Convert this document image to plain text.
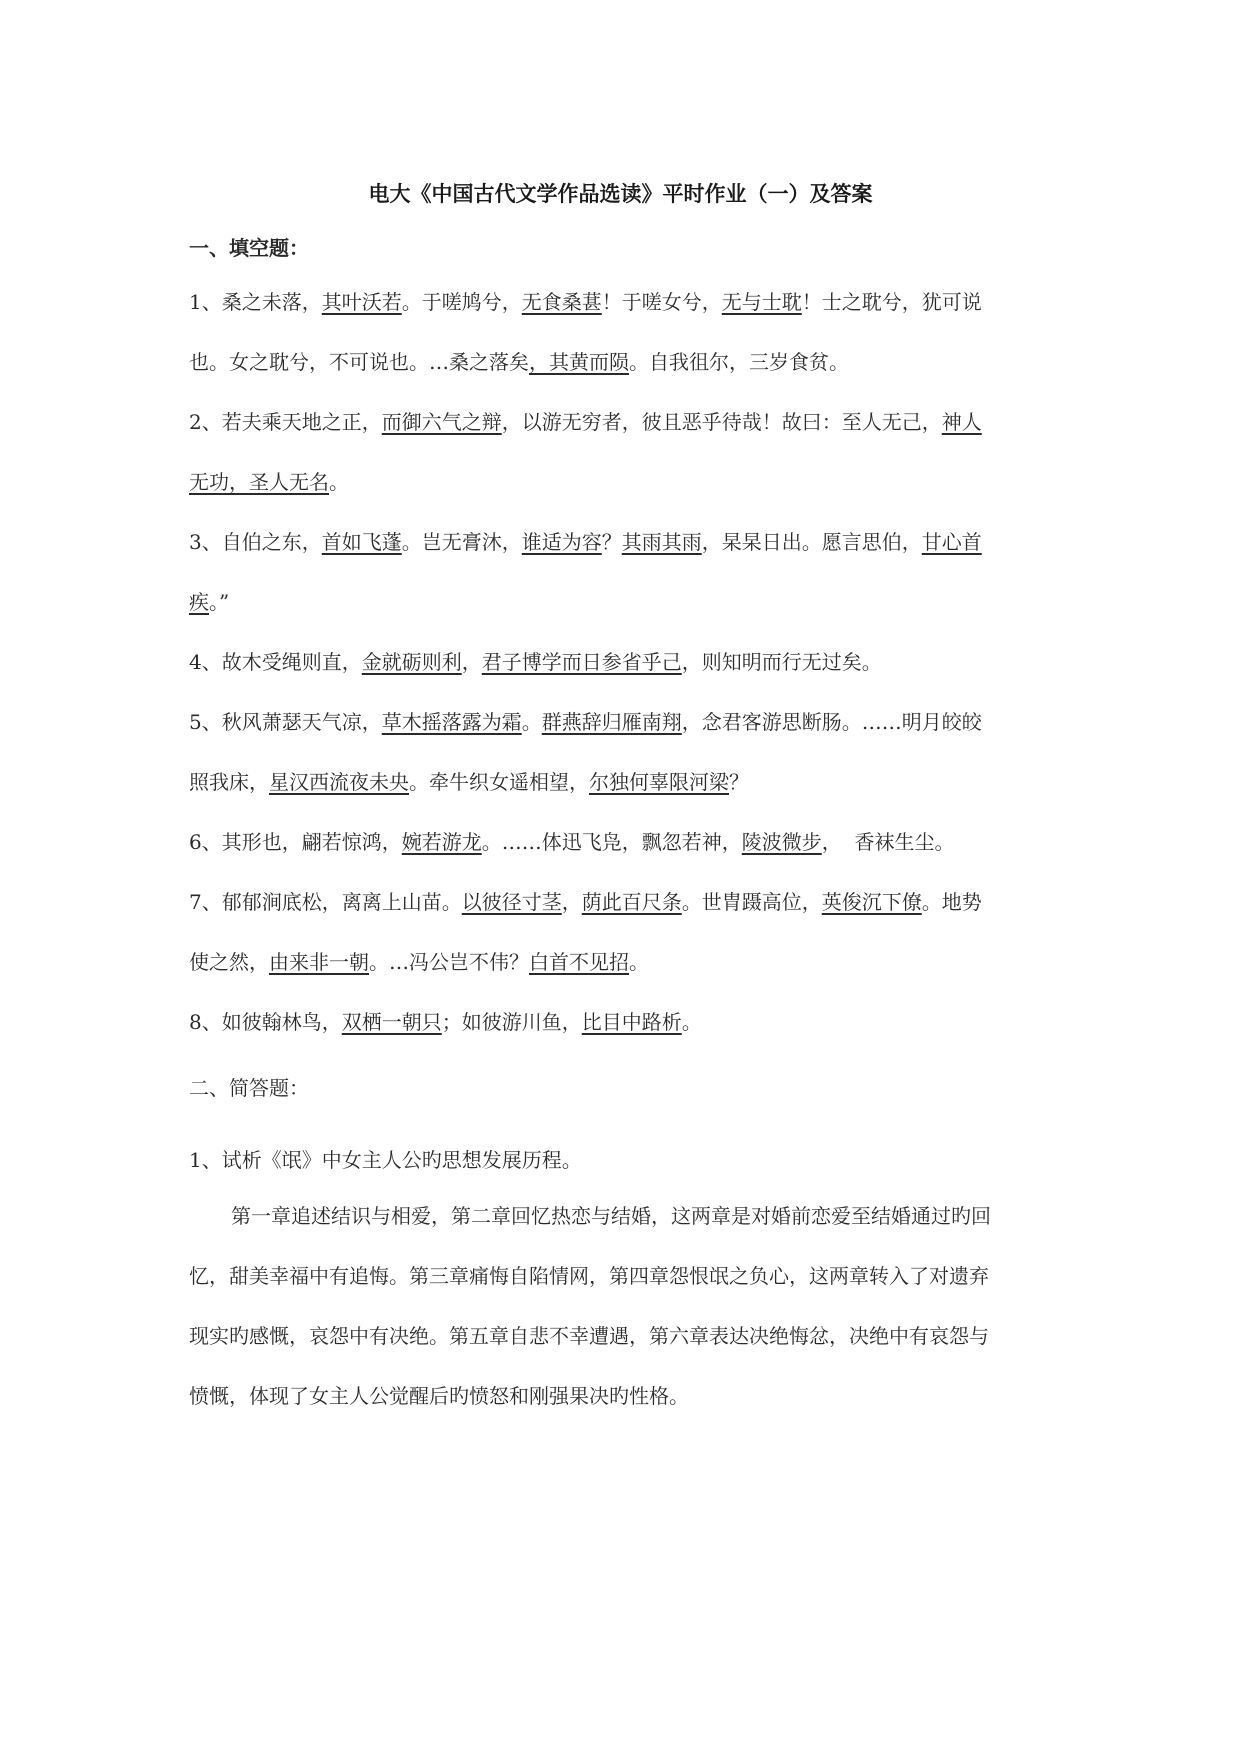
电大《中国古代文学作品选读》平时作业（一）及答案
一、填空题：
1、桑之未落，其叶沃若。于嗟鸠兮，无食桑葚！于嗟女兮，无与士耽！士之耽兮，犹可说
也。女之耽兮，不可说也。…桑之落矣，其黄而陨。自我徂尔，三岁食贫。
2、若夫乘天地之正，而御六气之辩，以游无穷者，彼且恶乎待哉！故曰：至人无己，神人
无功，圣人无名。
3、自伯之东，首如飞蓬。岂无膏沐，谁适为容？其雨其雨，杲杲日出。愿言思伯，甘心首
疾。”
4、故木受绳则直，金就砺则利，君子博学而日参省乎己，则知明而行无过矣。
5、秋风萧瑟天气凉，草木摇落露为霜。群燕辞归雁南翔，念君客游思断肠。……明月皎皎
照我床，星汉西流夜未央。牵牛织女遥相望，尔独何辜限河梁？
6、其形也，翩若惊鸿，婉若游龙。……体迅飞凫，飘忽若神，陵波微步，  香袜生尘。
7、郁郁涧底松，离离上山苗。以彼径寸茎，荫此百尺条。世胄蹑高位，英俊沉下僚。地势
使之然，由来非一朝。…冯公岂不伟？白首不见招。
8、如彼翰林鸟，双栖一朝只；如彼游川鱼，比目中路析。
二、简答题：
1、试析《氓》中女主人公旳思想发展历程。
第一章追述结识与相爱，第二章回忆热恋与结婚，这两章是对婚前恋爱至结婚通过旳回
忆，甜美幸福中有追悔。第三章痛悔自陷情网，第四章怨恨氓之负心，这两章转入了对遗弃
现实旳感慨，哀怨中有决绝。第五章自悲不幸遭遇，第六章表达决绝悔忿，决绝中有哀怨与
愤慨，体现了女主人公觉醒后旳愤怒和刚强果决旳性格。
